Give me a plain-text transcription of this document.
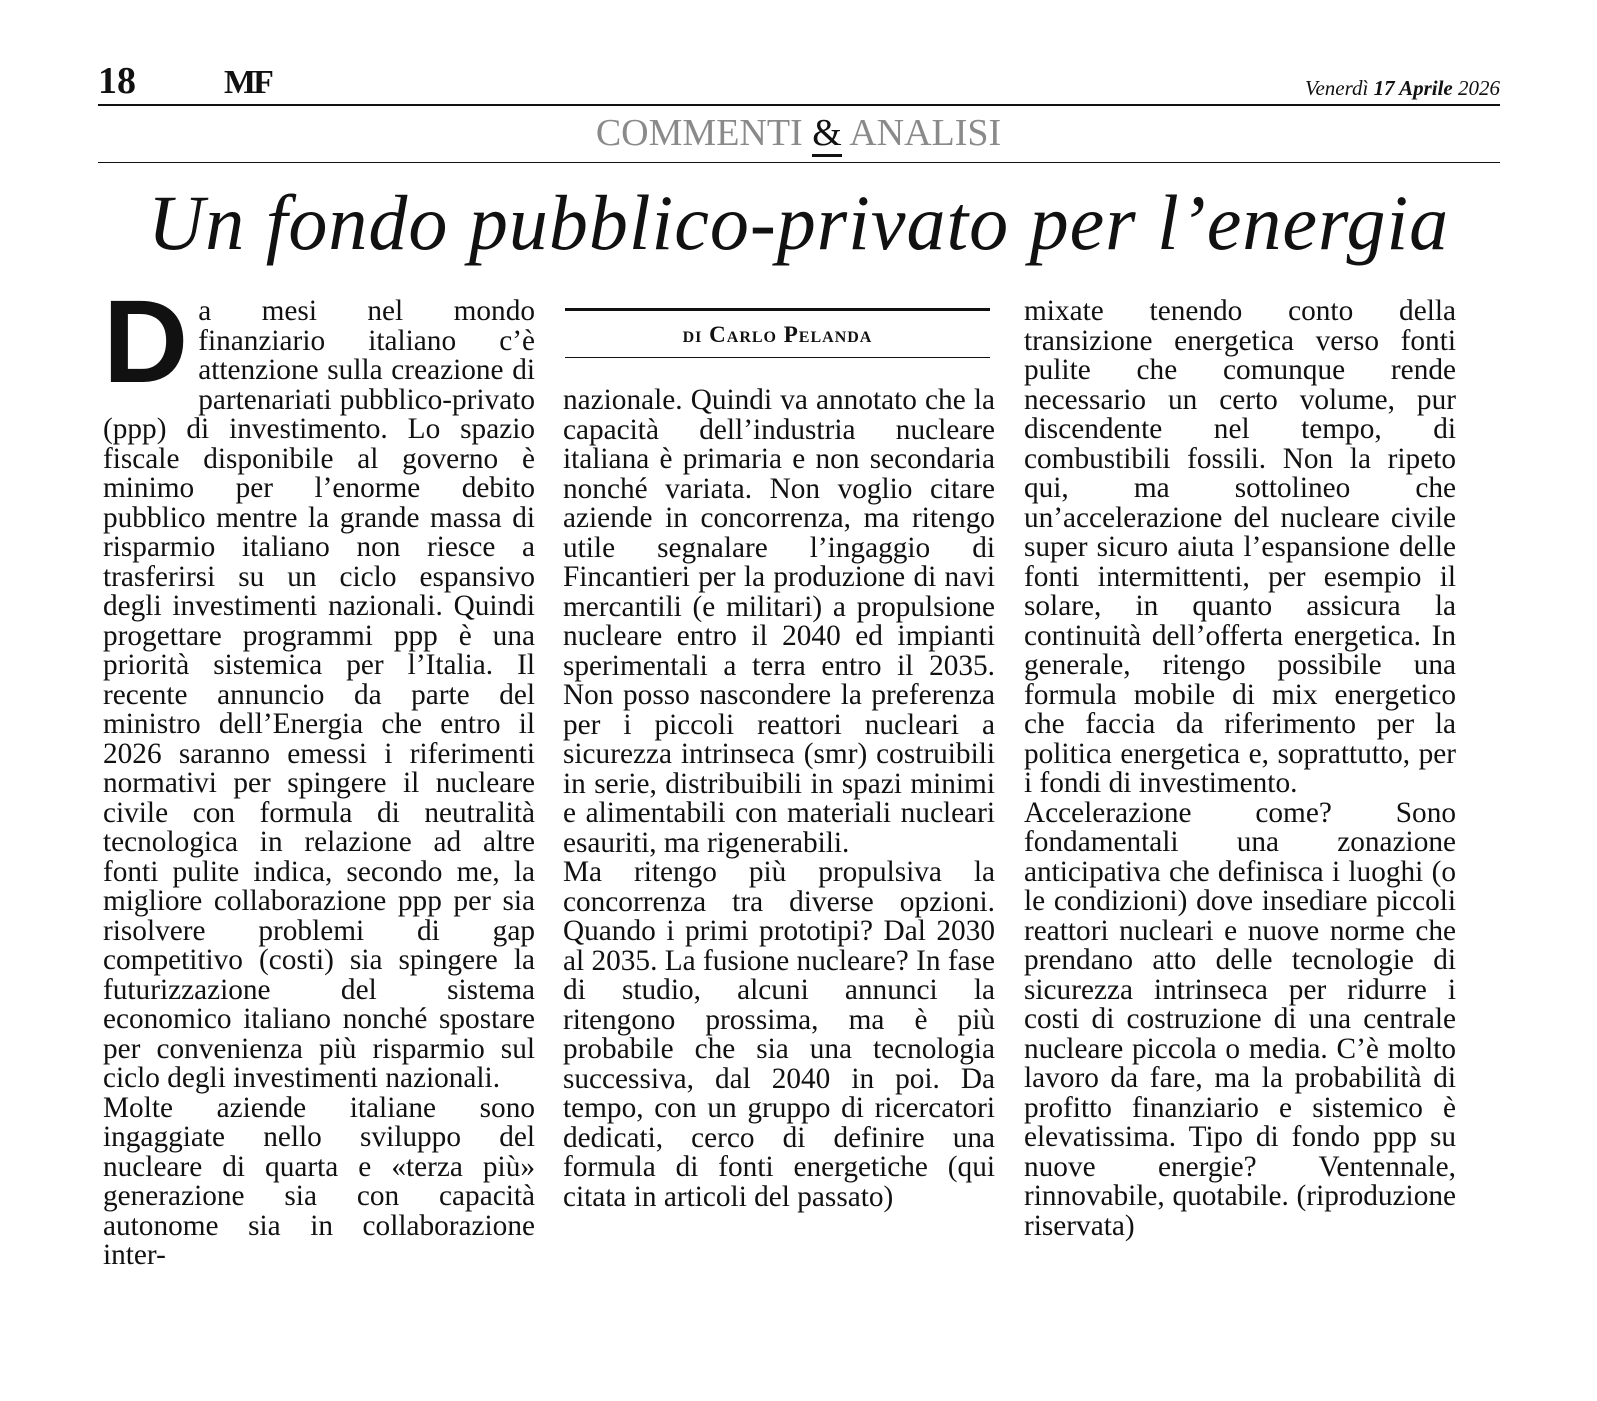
18	MF	Venerdì 17 Aprile 2026
COMMENTI & ANALISI
Un fondo pubblico-privato per l’energia

Da mesi nel mondo finanziario italiano c’è attenzione sulla creazione di partenariati pubblico-privato (ppp) di investimento. Lo spazio fiscale disponibile al governo è minimo per l’enorme debito pubblico mentre la grande massa di risparmio italiano non riesce a trasferirsi su un ciclo espansivo degli investimenti nazionali. Quindi progettare programmi ppp è una priorità sistemica per l’Italia. Il recente annuncio da parte del ministro dell’Energia che entro il 2026 saranno emessi i riferimenti normativi per spingere il nucleare civile con formula di neutralità tecnologica in relazione ad altre fonti pulite indica, secondo me, la migliore collaborazione ppp per sia risolvere problemi di gap competitivo (costi) sia spingere la futurizzazione del sistema economico italiano nonché spostare per convenienza più risparmio sul ciclo degli investimenti nazionali.

Molte aziende italiane sono ingaggiate nello sviluppo del nucleare di quarta e «terza più» generazione sia con capacità autonome sia in collaborazione inter-

di Carlo Pelanda

nazionale. Quindi va annotato che la capacità dell’industria nucleare italiana è primaria e non secondaria nonché variata. Non voglio citare aziende in concorrenza, ma ritengo utile segnalare l’ingaggio di Fincantieri per la produzione di navi mercantili (e militari) a propulsione nucleare entro il 2040 ed impianti sperimentali a terra entro il 2035. Non posso nascondere la preferenza per i piccoli reattori nucleari a sicurezza intrinseca (smr) costruibili in serie, distribuibili in spazi minimi e alimentabili con materiali nucleari esauriti, ma rigenerabili.

Ma ritengo più propulsiva la concorrenza tra diverse opzioni. Quando i primi prototipi? Dal 2030 al 2035. La fusione nucleare? In fase di studio, alcuni annunci la ritengono prossima, ma è più probabile che sia una tecnologia successiva, dal 2040 in poi. Da tempo, con un gruppo di ricercatori dedicati, cerco di definire una formula di fonti energetiche (qui citata in articoli del passato)

mixate tenendo conto della transizione energetica verso fonti pulite che comunque rende necessario un certo volume, pur discendente nel tempo, di combustibili fossili. Non la ripeto qui, ma sottolineo che un’accelerazione del nucleare civile super sicuro aiuta l’espansione delle fonti intermittenti, per esempio il solare, in quanto assicura la continuità dell’offerta energetica. In generale, ritengo possibile una formula mobile di mix energetico che faccia da riferimento per la politica energetica e, soprattutto, per i fondi di investimento.

Accelerazione come? Sono fondamentali una zonazione anticipativa che definisca i luoghi (o le condizioni) dove insediare piccoli reattori nucleari e nuove norme che prendano atto delle tecnologie di sicurezza intrinseca per ridurre i costi di costruzione di una centrale nucleare piccola o media. C’è molto lavoro da fare, ma la probabilità di profitto finanziario e sistemico è elevatissima. Tipo di fondo ppp su nuove energie? Ventennale, rinnovabile, quotabile. (riproduzione riservata)
